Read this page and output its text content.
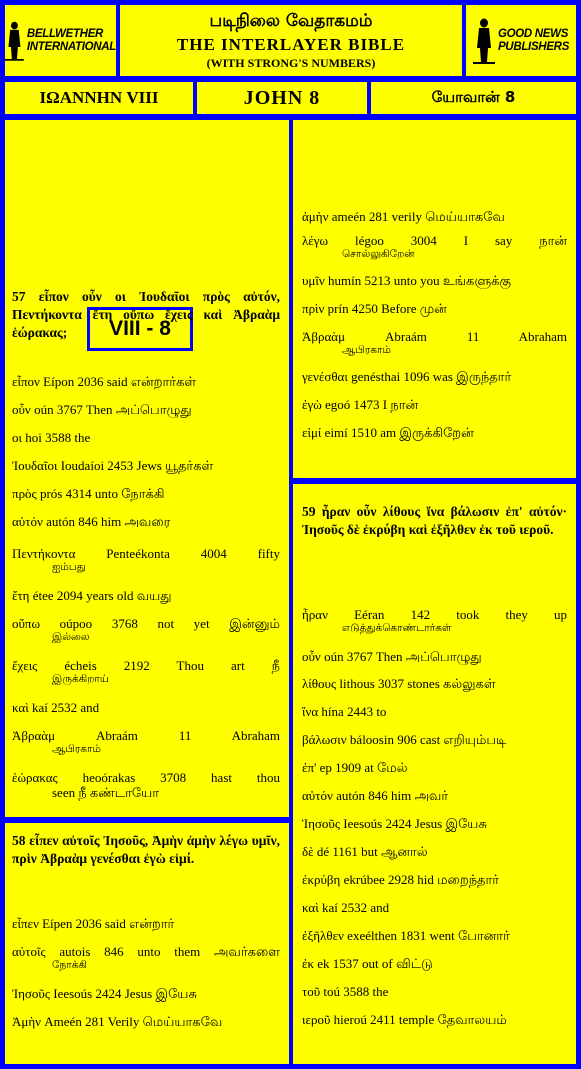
BELLWETHER
INTERNATIONAL
படிநிலை வேதாகமம்
THE INTERLAYER BIBLE
(WITH STRONG'S NUMBERS)
GOOD NEWS
PUBLISHERS
ΙΩΑΝΝΗΝ VIII	JOHN 8	யோவான் 8
VIII - 8
57 εἶπον οὖν οι Ἰουδαῖοι πρὸς αὐτόν, Πεντήκοντα ἔτη οὔπω ἔχεις καὶ Ἀβραὰμ ἑώρακας;
εἶπον Eípon 2036 said என்றார்கள்
οὖν oún 3767 Then அப்பொழுது
οι hoi 3588 the
Ἰουδαῖοι Ioudaíoi 2453 Jews யூதர்கள்
πρὸς prós 4314 unto நோக்கி
αὐτόν autón 846 him அவரை
Πεντήκοντα Penteékonta 4004 fifty
ஐம்பது
ἔτη étee 2094 years old வயது
οὔπω oúpoo 3768 not yet இன்னும்
இல்லை
ἔχεις écheis 2192 Thou art நீ
இருக்கிறாய்
καὶ kaí 2532 and
Ἀβραὰμ Abraám 11 Abraham
ஆபிரகாம்
ἑώρακας heoórakas 3708 hast thou
seen நீ கண்டாயோ
58 εἶπεν αὐτοῖς Ἰησοῦς, Ἀμὴν ἀμὴν λέγω υμῖν, πρὶν Ἀβραὰμ γενέσθαι ἐγὼ εἰμί.
εἶπεν Eípen 2036 said என்றார்
αὐτοῖς autois 846 unto them அவர்களை
நோக்கி
Ἰησοῦς Ieesoús 2424 Jesus இயேசு
Ἀμὴν Ameén 281 Verily மெய்யாகவே
ἀμὴν ameén 281 verily மெய்யாகவே
λέγω légoo 3004 I say நான்
சொல்லுகிறேன்
υμῖν humín 5213 unto you உங்களுக்கு
πρὶν prín 4250 Before முன்
Ἀβραὰμ Abraám 11 Abraham
ஆபிரகாம்
γενέσθαι genésthai 1096 was இருந்தார்
ἐγὼ egoó 1473 I நான்
εἰμί eimí 1510 am இருக்கிறேன்
59 ἦραν οὖν λίθους ἵνα βάλωσιν ἐπ' αὐτόν· Ἰησοῦς δὲ ἐκρύβη καὶ ἐξῆλθεν ἐκ τοῦ ιεροῦ.
ἦραν Eéran 142 took they up
எடுத்துக்கொண்டார்கள்
οὖν oún 3767 Then அப்பொழுது
λίθους lithous 3037 stones கல்லுகள்
ἵνα hína 2443 to
βάλωσιν báloosin 906 cast எறியும்படி
ἐπ' ep 1909 at மேல்
αὐτόν autón 846 him அவர்
Ἰησοῦς Ieesoús 2424 Jesus இயேசு
δὲ dé 1161 but ஆனால்
ἐκρύβη ekrúbee 2928 hid மறைந்தார்
καὶ kaí 2532 and
ἐξῆλθεν exeélthen 1831 went போனார்
ἐκ ek 1537 out of விட்டு
τοῦ toú 3588 the
ιεροῦ hieroú 2411 temple தேவாலயம்
